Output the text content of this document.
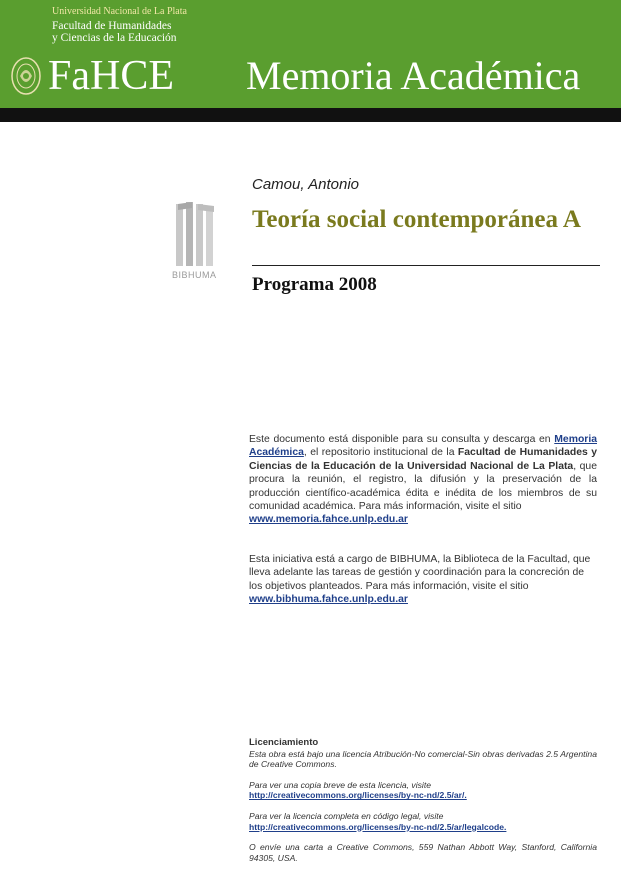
Universidad Nacional de La Plata
Facultad de Humanidades
y Ciencias de la Educación
FaHCE Memoria Académica
BIBHUMA
Camou, Antonio
Teoría social contemporánea A
Programa 2008
Este documento está disponible para su consulta y descarga en Memoria Académica, el repositorio institucional de la Facultad de Humanidades y Ciencias de la Educación de la Universidad Nacional de La Plata, que procura la reunión, el registro, la difusión y la preservación de la producción científico-académica édita e inédita de los miembros de su comunidad académica. Para más información, visite el sitio
www.memoria.fahce.unlp.edu.ar
Esta iniciativa está a cargo de BIBHUMA, la Biblioteca de la Facultad, que lleva adelante las tareas de gestión y coordinación para la concreción de los objetivos planteados. Para más información, visite el sitio
www.bibhuma.fahce.unlp.edu.ar
Licenciamiento
Esta obra está bajo una licencia Atribución-No comercial-Sin obras derivadas 2.5 Argentina de Creative Commons.
Para ver una copia breve de esta licencia, visite
http://creativecommons.org/licenses/by-nc-nd/2.5/ar/.
Para ver la licencia completa en código legal, visite
http://creativecommons.org/licenses/by-nc-nd/2.5/ar/legalcode.
O envíe una carta a Creative Commons, 559 Nathan Abbott Way, Stanford, California 94305, USA.
